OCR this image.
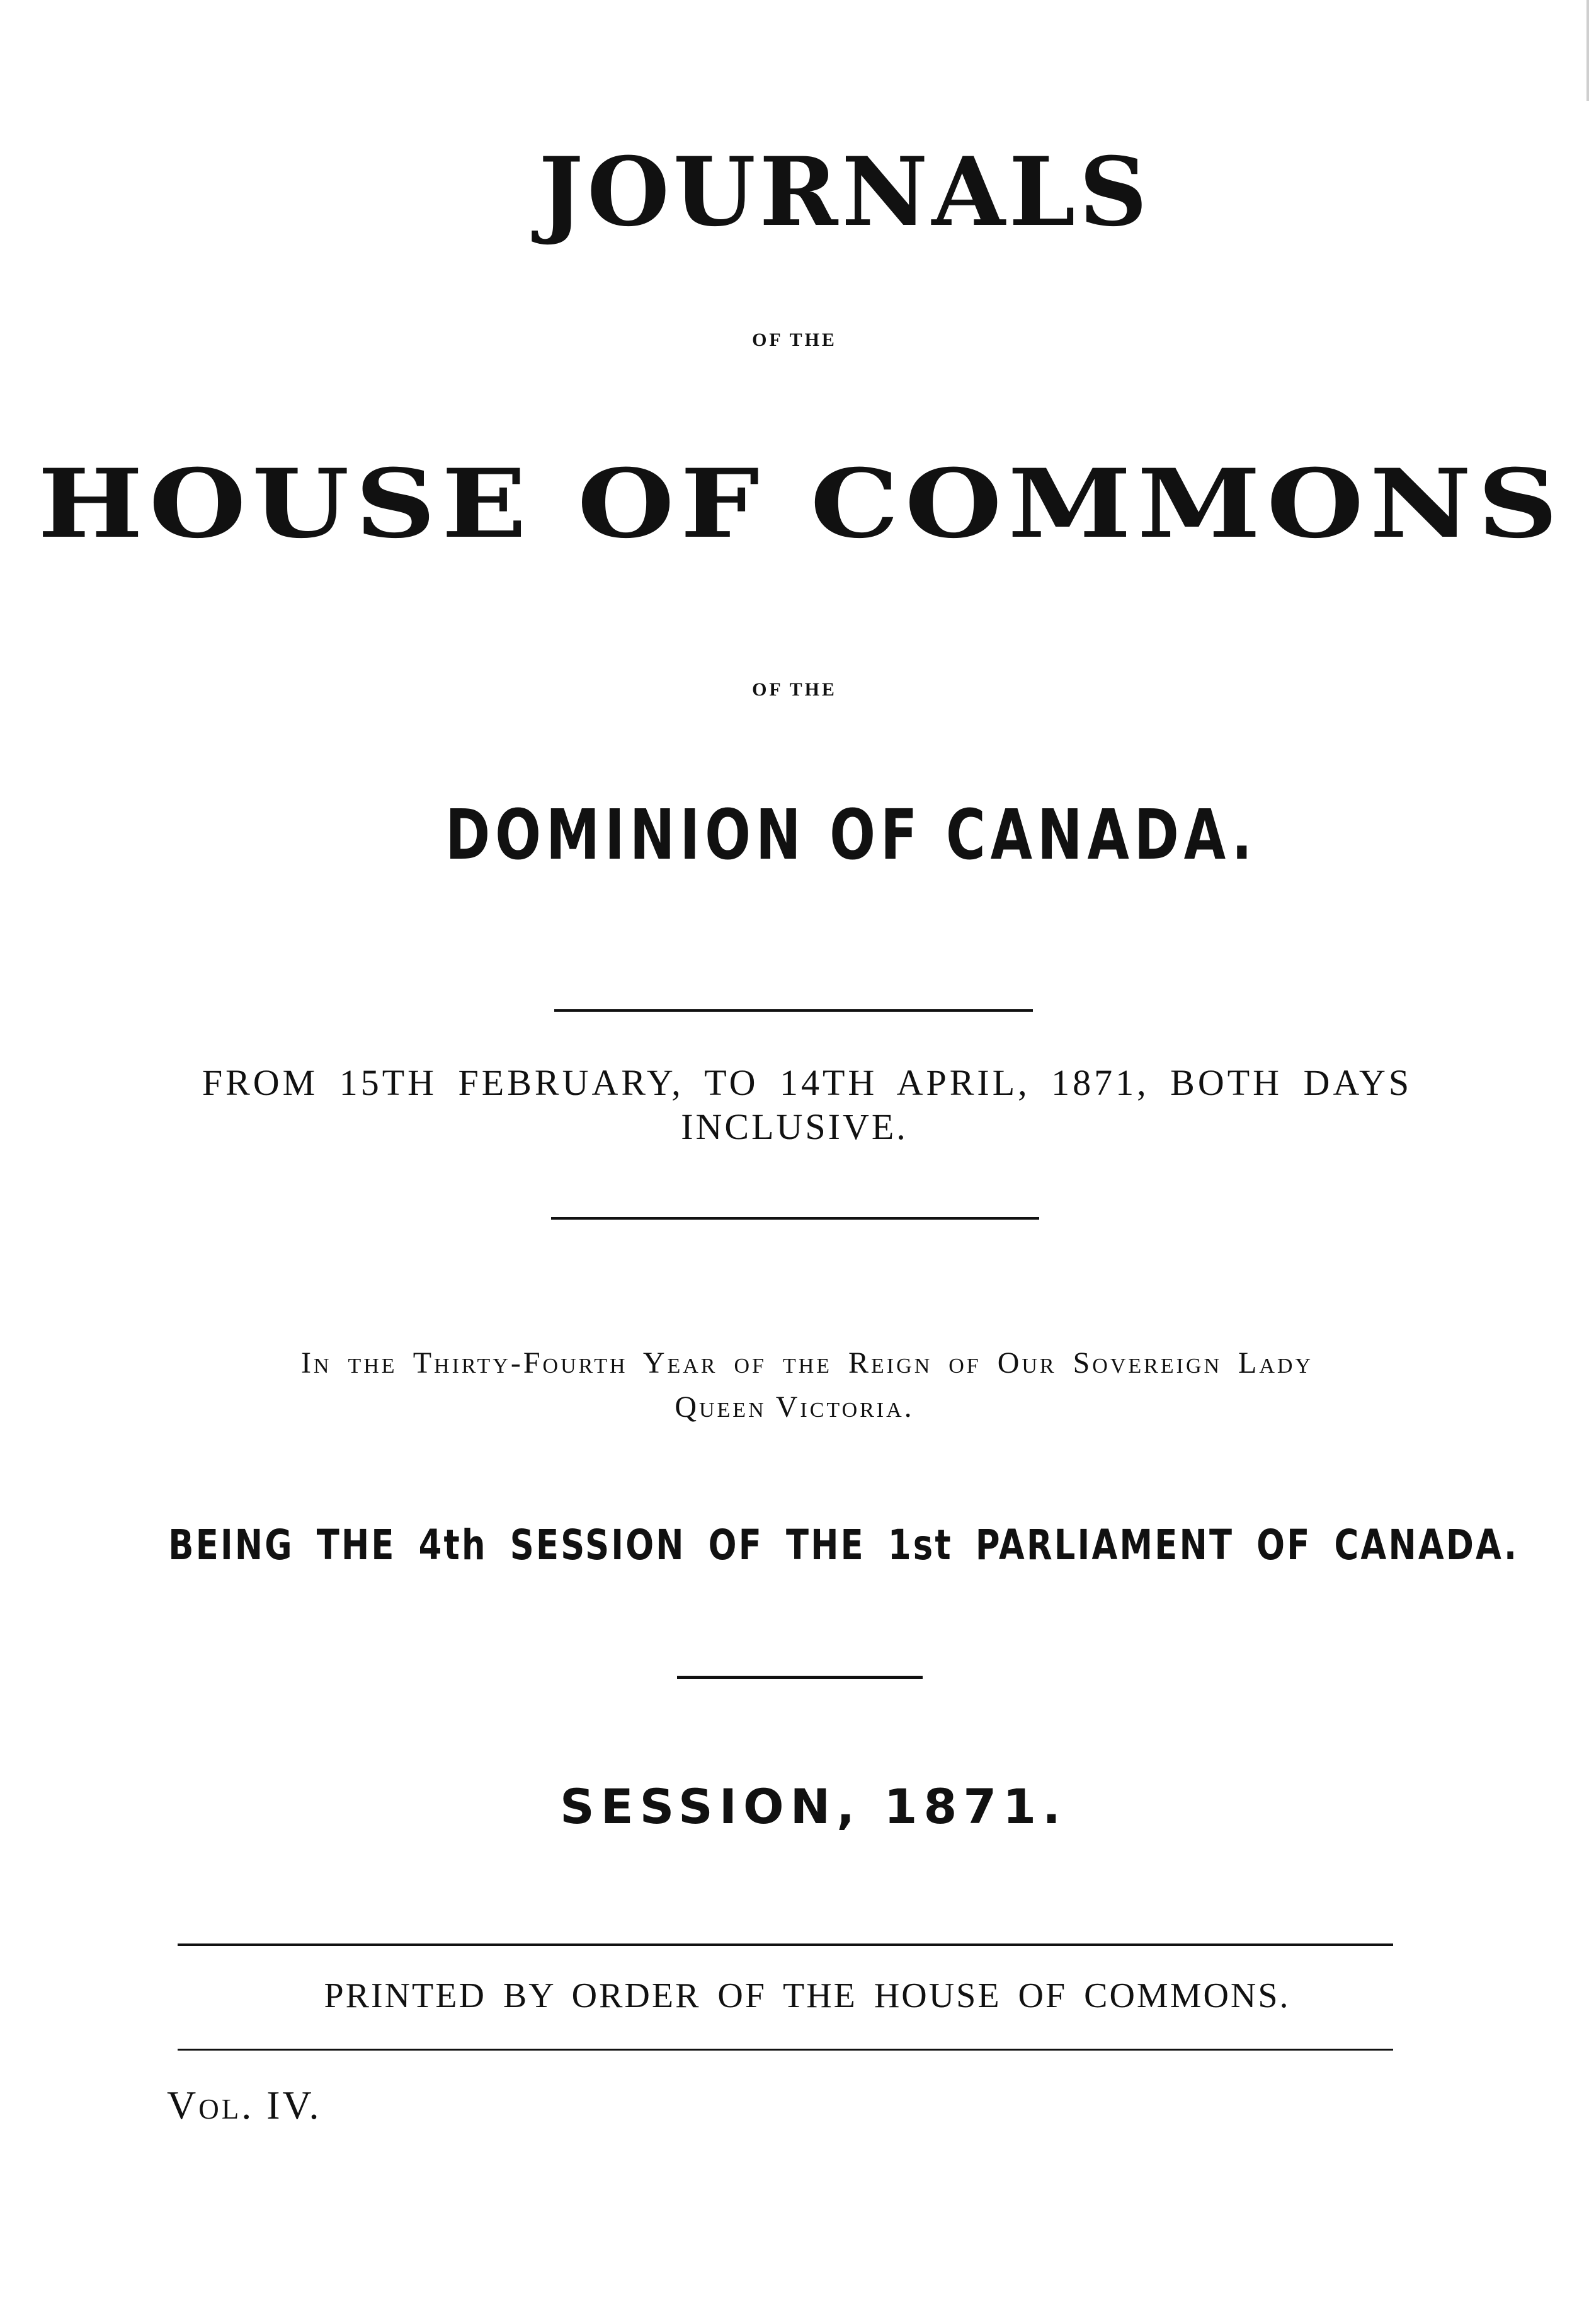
JOURNALS
OF THE
HOUSE OF COMMONS
OF THE
DOMINION OF CANADA.
FROM 15TH FEBRUARY, TO 14TH APRIL, 1871, BOTH DAYS
INCLUSIVE.
In the Thirty-Fourth Year of the Reign of Our Sovereign Lady
Queen Victoria.
BEING THE 4th SESSION OF THE 1st PARLIAMENT OF CANADA.
SESSION, 1871.
PRINTED BY ORDER OF THE HOUSE OF COMMONS.
Vol. IV.
